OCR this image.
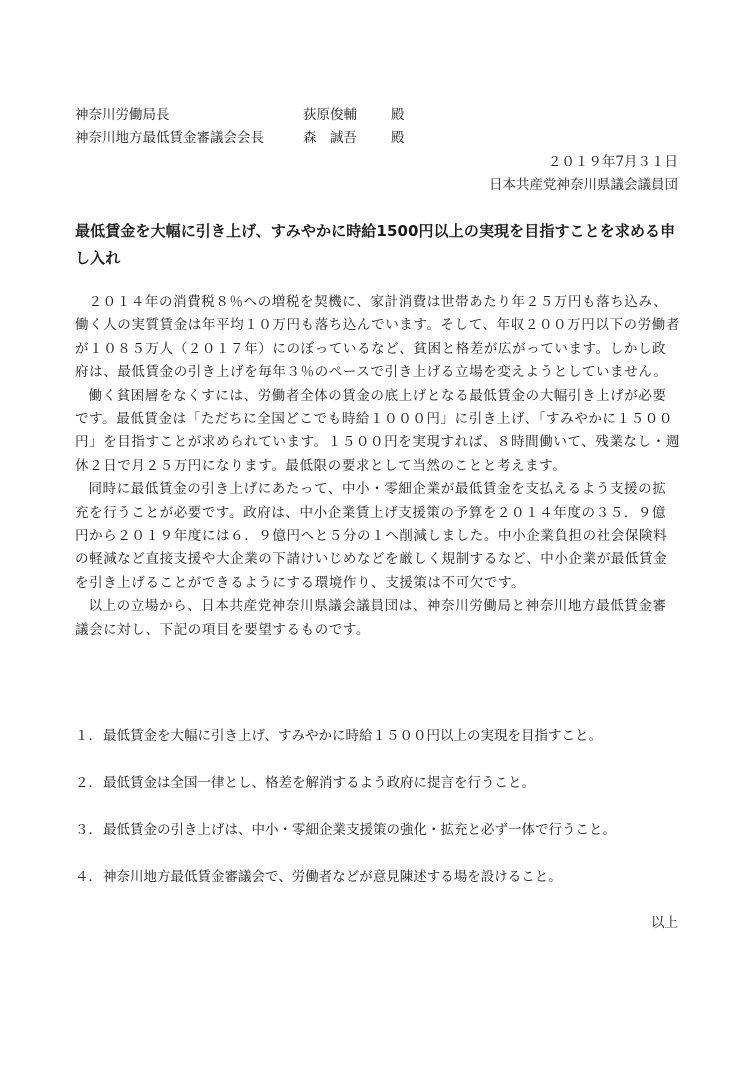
神奈川労働局長	荻原俊輔	殿
神奈川地方最低賃金審議会会長	森　誠吾	殿
２０１９年7月３１日
日本共産党神奈川県議会議員団
最低賃金を大幅に引き上げ、すみやかに時給1500円以上の実現を目指すことを求める申し入れ

２０１４年の消費税８％への増税を契機に、家計消費は世帯あたり年２５万円も落ち込み、働く人の実質賃金は年平均１０万円も落ち込んでいます。そして、年収２００万円以下の労働者が１０８５万人（２０１７年）にのぼっているなど、貧困と格差が広がっています。しかし政府は、最低賃金の引き上げを毎年３％のペースで引き上げる立場を変えようとしていません。

働く貧困層をなくすには、労働者全体の賃金の底上げとなる最低賃金の大幅引き上げが必要です。最低賃金は「ただちに全国どこでも時給１０００円」に引き上げ、「すみやかに１５００円」を目指すことが求められています。１５００円を実現すれば、８時間働いて、残業なし・週休２日で月２５万円になります。最低限の要求として当然のことと考えます。

同時に最低賃金の引き上げにあたって、中小・零細企業が最低賃金を支払えるよう支援の拡充を行うことが必要です。政府は、中小企業賃上げ支援策の予算を２０１４年度の３５．９億円から２０１９年度には６．９億円へと５分の１へ削減しました。中小企業負担の社会保険料の軽減など直接支援や大企業の下請けいじめなどを厳しく規制するなど、中小企業が最低賃金を引き上げることができるようにする環境作り、支援策は不可欠です。

以上の立場から、日本共産党神奈川県議会議員団は、神奈川労働局と神奈川地方最低賃金審議会に対し、下記の項目を要望するものです。

１．最低賃金を大幅に引き上げ、すみやかに時給１５００円以上の実現を目指すこと。
２．最低賃金は全国一律とし、格差を解消するよう政府に提言を行うこと。
３．最低賃金の引き上げは、中小・零細企業支援策の強化・拡充と必ず一体で行うこと。
４．神奈川地方最低賃金審議会で、労働者などが意見陳述する場を設けること。
以上
